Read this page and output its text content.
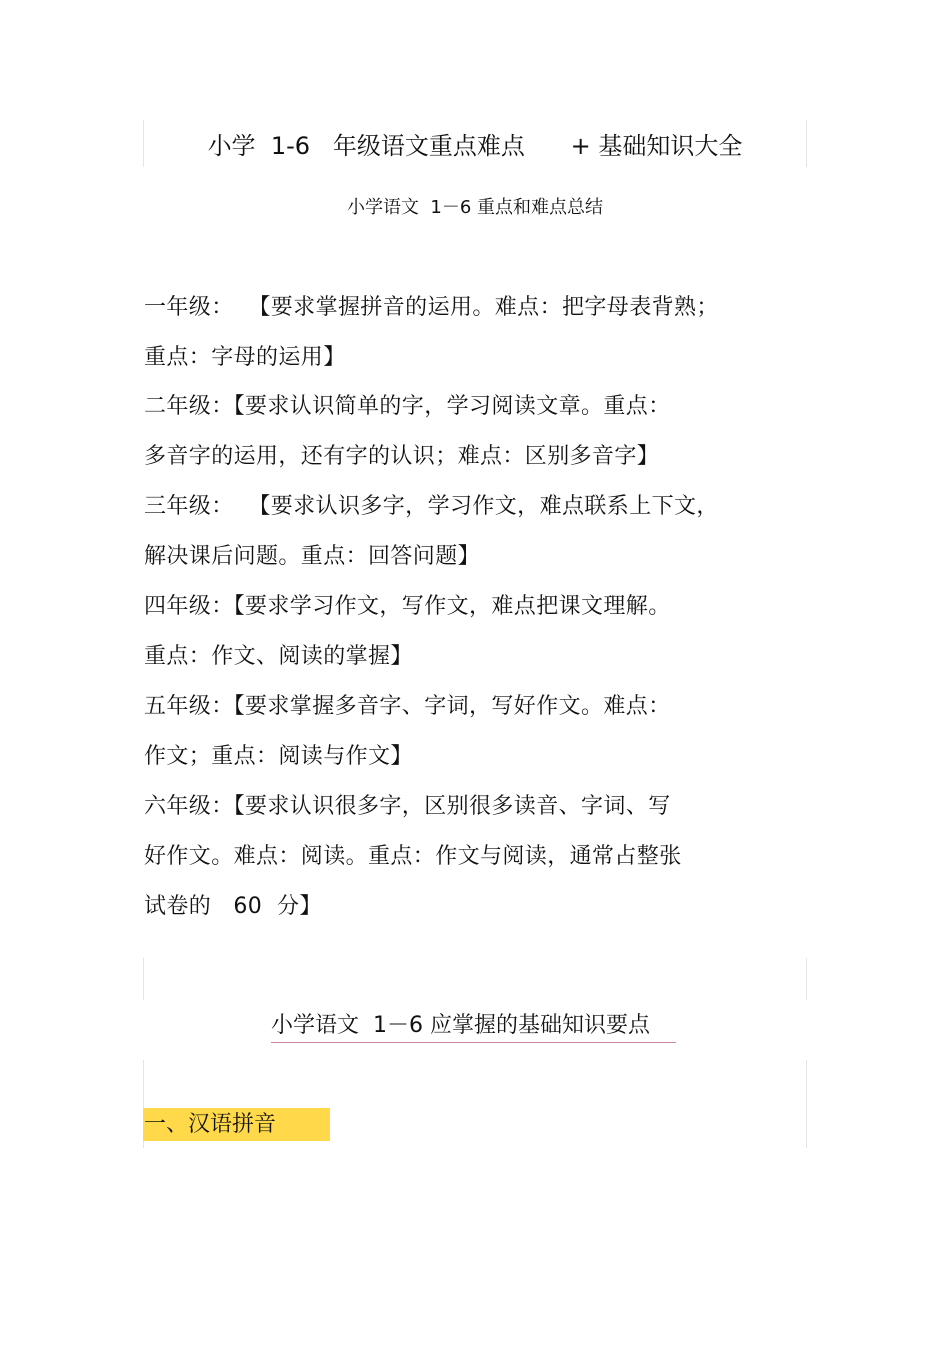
小学  1-6   年级语文重点难点      + 基础知识大全
小学语文  1－6 重点和难点总结
一年级：  【要求掌握拼音的运用。难点：把字母表背熟；
重点：字母的运用】
二年级：【要求认识简单的字，学习阅读文章。重点：
多音字的运用，还有字的认识；难点：区别多音字】
三年级：  【要求认识多字，学习作文，难点联系上下文，
解决课后问题。重点：回答问题】
四年级：【要求学习作文，写作文，难点把课文理解。
重点：作文、阅读的掌握】
五年级：【要求掌握多音字、字词，写好作文。难点：
作文；重点：阅读与作文】
六年级：【要求认识很多字，区别很多读音、字词、写
好作文。难点：阅读。重点：作文与阅读，通常占整张
试卷的   60  分】
小学语文  1－6 应掌握的基础知识要点
一、汉语拼音
